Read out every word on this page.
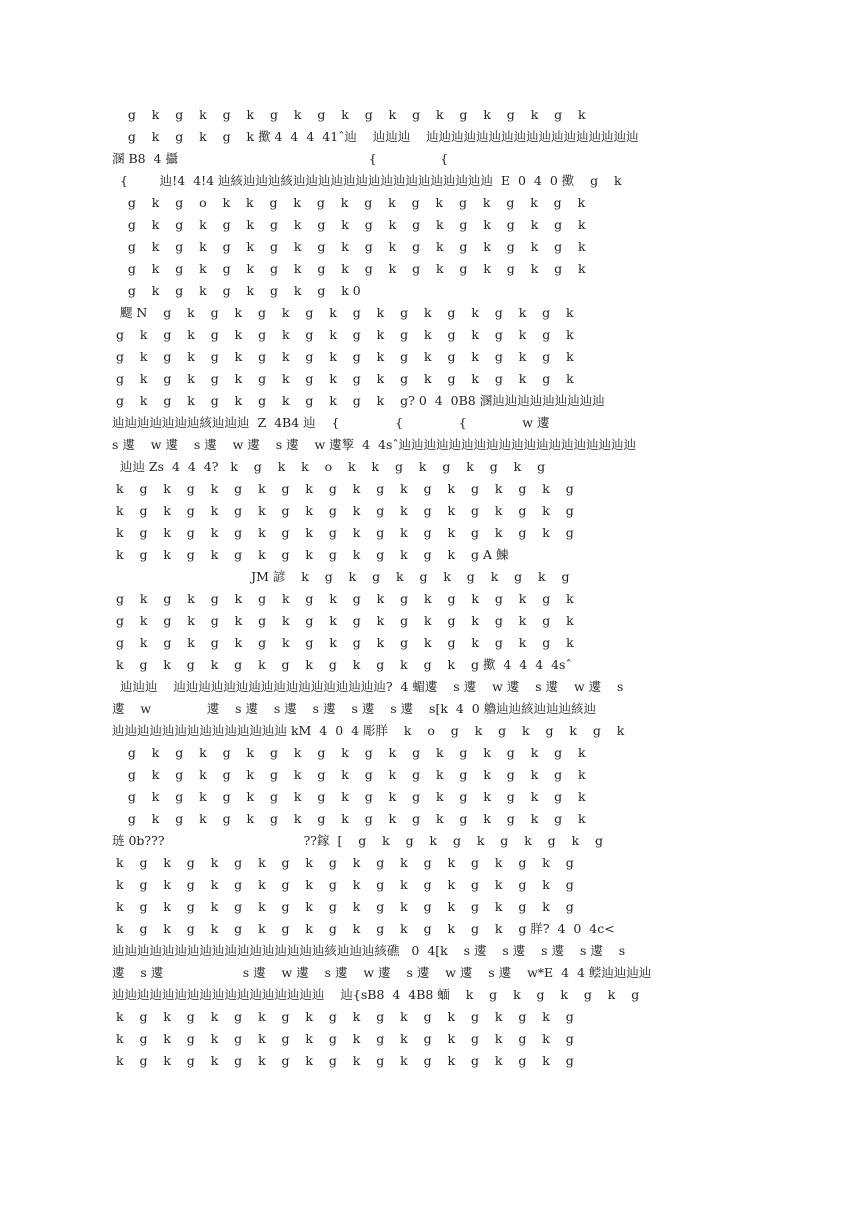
g    k    g    k    g    k    g    k    g    k    g    k    g    k    g    k    g    k    g    k
g    k    g    k    g    k 擹 4  4  4  41ˆ辿    辿辿辿    辿辿辿辿辿辿辿辿辿辿辿辿辿辿辿辿辿
溷 B8  4 攝                                                {                {
{        辿!4  4!4 辿絯辿辿辿絯辿辿辿辿辿辿辿辿辿辿辿辿辿辿辿辿  E  0  4  0 擹    g    k
g    k    g    o    k    k    g    k    g    k    g    k    g    k    g    k    g    k    g    k
g    k    g    k    g    k    g    k    g    k    g    k    g    k    g    k    g    k    g    k
g    k    g    k    g    k    g    k    g    k    g    k    g    k    g    k    g    k    g    k
g    k    g    k    g    k    g    k    g    k    g    k    g    k    g    k    g    k    g    k
g    k    g    k    g    k    g    k    g    k 0
颸 N    g    k    g    k    g    k    g    k    g    k    g    k    g    k    g    k    g    k
g    k    g    k    g    k    g    k    g    k    g    k    g    k    g    k    g    k    g    k
g    k    g    k    g    k    g    k    g    k    g    k    g    k    g    k    g    k    g    k
g    k    g    k    g    k    g    k    g    k    g    k    g    k    g    k    g    k    g    k
g    k    g    k    g    k    g    k    g    k    g    k    g? 0  4  0B8 溷辿辿辿辿辿辿辿辿辿
辿辿辿辿辿辿辿絯辿辿辿  Z  4B4 辿    {              {              {              w 遱
s 遱    w 遱    s 遱    w 遱    s 遱    w 遱箰  4  4sˆ辿辿辿辿辿辿辿辿辿辿辿辿辿辿辿辿辿辿辿
辿辿 Zs  4  4  4?   k    g    k    k    o    k    k    g    k    g    k    g    k    g
k    g    k    g    k    g    k    g    k    g    k    g    k    g    k    g    k    g    k    g
k    g    k    g    k    g    k    g    k    g    k    g    k    g    k    g    k    g    k    g
k    g    k    g    k    g    k    g    k    g    k    g    k    g    k    g    k    g    k    g
k    g    k    g    k    g    k    g    k    g    k    g    k    g    k    g A 鰊
JM 諺    k    g    k    g    k    g    k    g    k    g    k    g
g    k    g    k    g    k    g    k    g    k    g    k    g    k    g    k    g    k    g    k
g    k    g    k    g    k    g    k    g    k    g    k    g    k    g    k    g    k    g    k
g    k    g    k    g    k    g    k    g    k    g    k    g    k    g    k    g    k    g    k
k    g    k    g    k    g    k    g    k    g    k    g    k    g    k    g 擹  4  4  4  4sˆ
辿辿辿    辿辿辿辿辿辿辿辿辿辿辿辿辿辿辿辿辿?  4 蝞遱    s 遱    w 遱    s 遱    w 遱    s
遱    w              遱    s 遱    s 遱    s 遱    s 遱    s 遱    s[k  4  0 艪辿辿絯辿辿辿絯辿
辿辿辿辿辿辿辿辿辿辿辿辿辿辿 kM  4  0  4 彫羘    k    o    g    k    g    k    g    k    g    k
g    k    g    k    g    k    g    k    g    k    g    k    g    k    g    k    g    k    g    k
g    k    g    k    g    k    g    k    g    k    g    k    g    k    g    k    g    k    g    k
g    k    g    k    g    k    g    k    g    k    g    k    g    k    g    k    g    k    g    k
g    k    g    k    g    k    g    k    g    k    g    k    g    k    g    k    g    k    g    k
琏 0b???                                   ??鎵  [    g    k    g    k    g    k    g    k    g    k    g
k    g    k    g    k    g    k    g    k    g    k    g    k    g    k    g    k    g    k    g
k    g    k    g    k    g    k    g    k    g    k    g    k    g    k    g    k    g    k    g
k    g    k    g    k    g    k    g    k    g    k    g    k    g    k    g    k    g    k    g
k    g    k    g    k    g    k    g    k    g    k    g    k    g    k    g    k    g 羘?  4  0  4c<
辿辿辿辿辿辿辿辿辿辿辿辿辿辿辿辿辿絯辿辿辿絯礁   0  4[k    s 遱    s 遱    s 遱    s 遱    s
遱    s 遱                    s 遱    w 遱    s 遱    w 遱    s 遱    w 遱    s 遱    w*E  4  4 鲿辿辿辿辿
辿辿辿辿辿辿辿辿辿辿辿辿辿辿辿辿辿    辿{sB8  4  4B8 蝒    k    g    k    g    k    g    k    g
k    g    k    g    k    g    k    g    k    g    k    g    k    g    k    g    k    g    k    g
k    g    k    g    k    g    k    g    k    g    k    g    k    g    k    g    k    g    k    g
k    g    k    g    k    g    k    g    k    g    k    g    k    g    k    g    k    g    k    g
